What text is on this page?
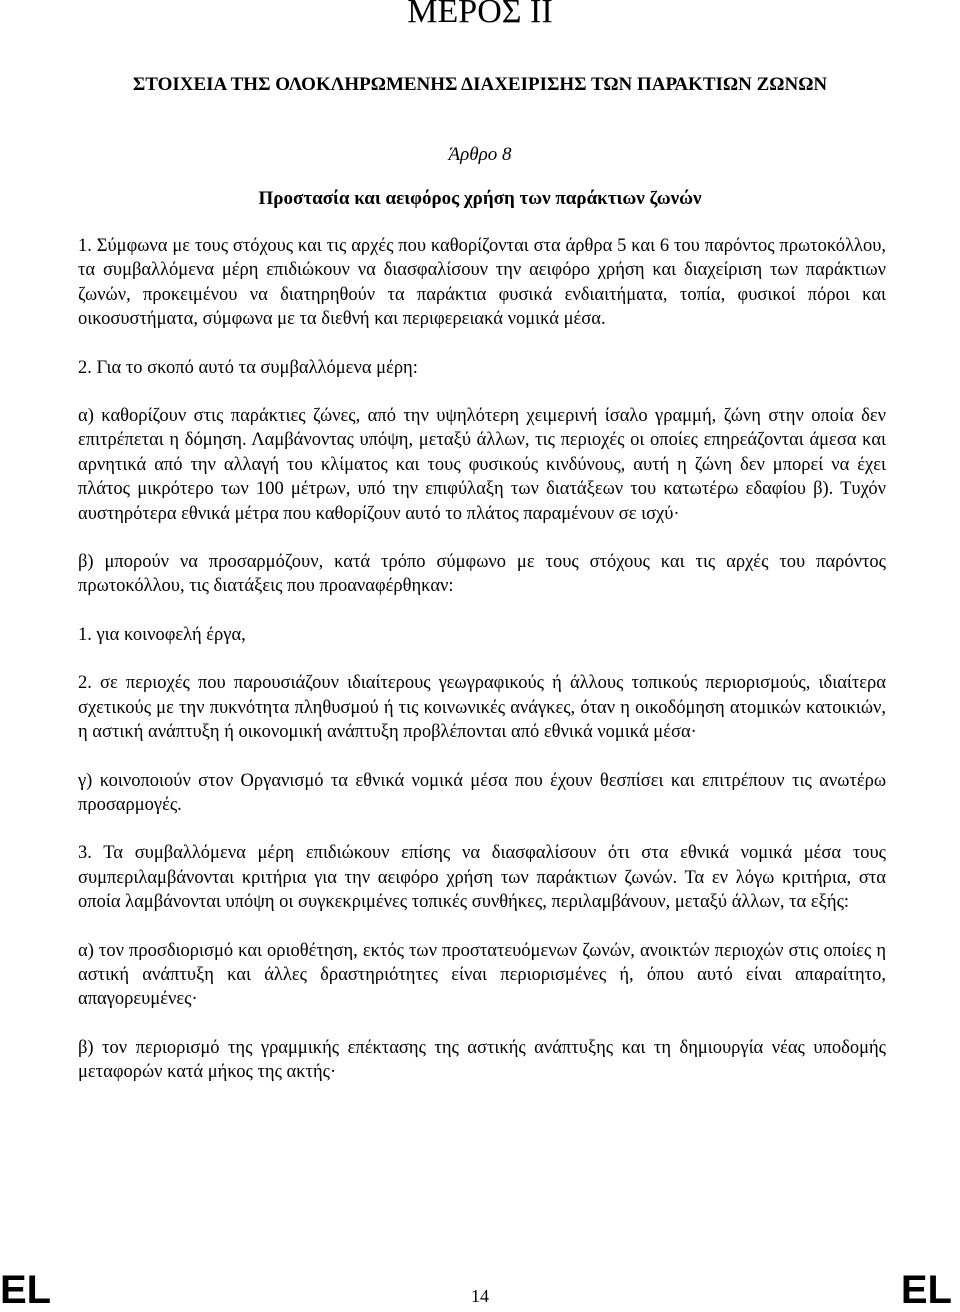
ΜΕΡΟΣ ΙΙ
ΣΤΟΙΧΕΙΑ ΤΗΣ ΟΛΟΚΛΗΡΩΜΕΝΗΣ ΔΙΑΧΕΙΡΙΣΗΣ ΤΩΝ ΠΑΡΑΚΤΙΩΝ ΖΩΝΩΝ

Άρθρο 8

Προστασία και αειφόρος χρήση των παράκτιων ζωνών

1. Σύμφωνα με τους στόχους και τις αρχές που καθορίζονται στα άρθρα 5 και 6 του παρόντος πρωτοκόλλου, τα συμβαλλόμενα μέρη επιδιώκουν να διασφαλίσουν την αειφόρο χρήση και διαχείριση των παράκτιων ζωνών, προκειμένου να διατηρηθούν τα παράκτια φυσικά ενδιαιτήματα, τοπία, φυσικοί πόροι και οικοσυστήματα, σύμφωνα με τα διεθνή και περιφερειακά νομικά μέσα.

2. Για το σκοπό αυτό τα συμβαλλόμενα μέρη:

α) καθορίζουν στις παράκτιες ζώνες, από την υψηλότερη χειμερινή ίσαλο γραμμή, ζώνη στην οποία δεν επιτρέπεται η δόμηση. Λαμβάνοντας υπόψη, μεταξύ άλλων, τις περιοχές οι οποίες επηρεάζονται άμεσα και αρνητικά από την αλλαγή του κλίματος και τους φυσικούς κινδύνους, αυτή η ζώνη δεν μπορεί να έχει πλάτος μικρότερο των 100 μέτρων, υπό την επιφύλαξη των διατάξεων του κατωτέρω εδαφίου β). Τυχόν αυστηρότερα εθνικά μέτρα που καθορίζουν αυτό το πλάτος παραμένουν σε ισχύ·

β) μπορούν να προσαρμόζουν, κατά τρόπο σύμφωνο με τους στόχους και τις αρχές του παρόντος πρωτοκόλλου, τις διατάξεις που προαναφέρθηκαν:

1. για κοινοφελή έργα,

2. σε περιοχές που παρουσιάζουν ιδιαίτερους γεωγραφικούς ή άλλους τοπικούς περιορισμούς, ιδιαίτερα σχετικούς με την πυκνότητα πληθυσμού ή τις κοινωνικές ανάγκες, όταν η οικοδόμηση ατομικών κατοικιών, η αστική ανάπτυξη ή οικονομική ανάπτυξη προβλέπονται από εθνικά νομικά μέσα·

γ) κοινοποιούν στον Οργανισμό τα εθνικά νομικά μέσα που έχουν θεσπίσει και επιτρέπουν τις ανωτέρω προσαρμογές.

3. Τα συμβαλλόμενα μέρη επιδιώκουν επίσης να διασφαλίσουν ότι στα εθνικά νομικά μέσα τους συμπεριλαμβάνονται κριτήρια για την αειφόρο χρήση των παράκτιων ζωνών. Τα εν λόγω κριτήρια, στα οποία λαμβάνονται υπόψη οι συγκεκριμένες τοπικές συνθήκες, περιλαμβάνουν, μεταξύ άλλων, τα εξής:

α) τον προσδιορισμό και οριοθέτηση, εκτός των προστατευόμενων ζωνών, ανοικτών περιοχών στις οποίες η αστική ανάπτυξη και άλλες δραστηριότητες είναι περιορισμένες ή, όπου αυτό είναι απαραίτητο, απαγορευμένες·

β) τον περιορισμό της γραμμικής επέκτασης της αστικής ανάπτυξης και τη δημιουργία νέας υποδομής μεταφορών κατά μήκος της ακτής·

EL	14	EL
